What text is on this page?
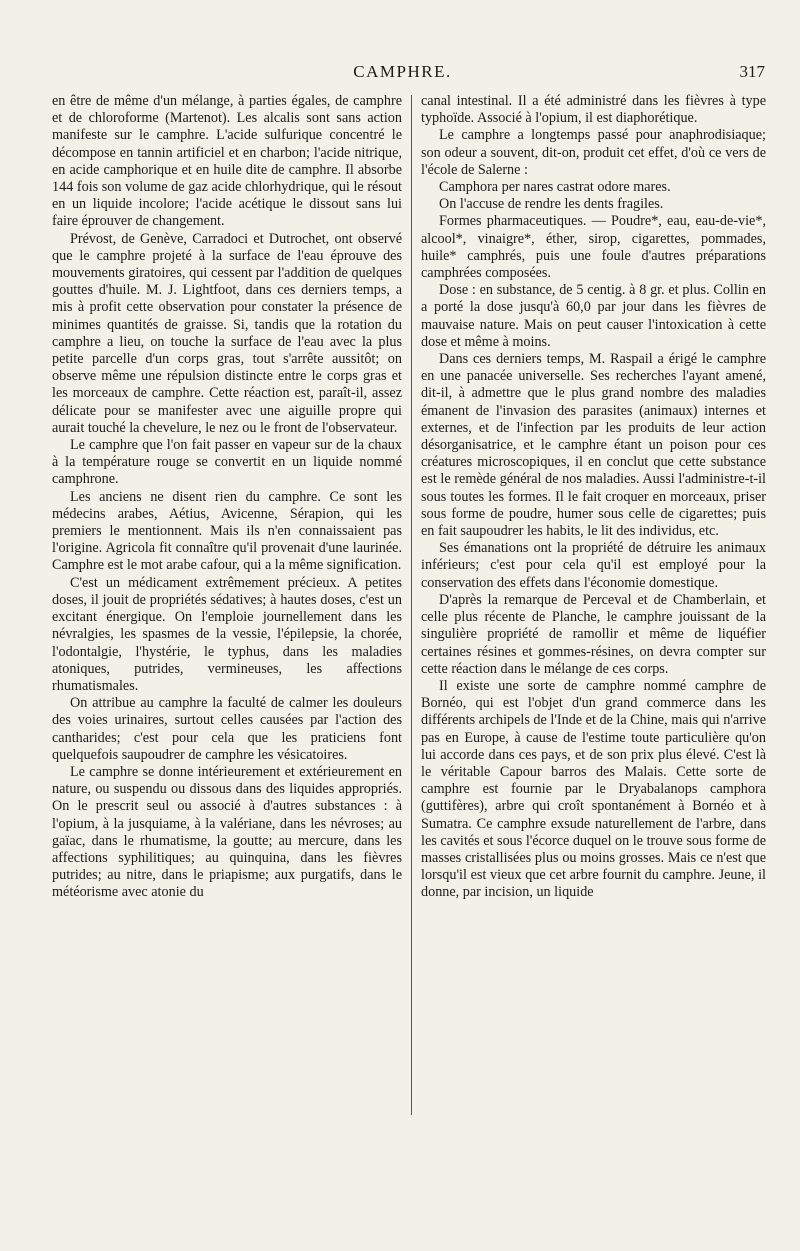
CAMPHRE.	317

en être de même d'un mélange, à parties égales, de camphre et de chloroforme (Martenot). Les alcalis sont sans action manifeste sur le camphre. L'acide sulfurique concentré le décompose en tannin artificiel et en charbon; l'acide nitrique, en acide camphorique et en huile dite de camphre. Il absorbe 144 fois son volume de gaz acide chlorhydrique, qui le résout en un liquide incolore; l'acide acétique le dissout sans lui faire éprouver de changement.

Prévost, de Genève, Carradoci et Dutrochet, ont observé que le camphre projeté à la surface de l'eau éprouve des mouvements giratoires, qui cessent par l'addition de quelques gouttes d'huile. M. J. Lightfoot, dans ces derniers temps, a mis à profit cette observation pour constater la présence de minimes quantités de graisse. Si, tandis que la rotation du camphre a lieu, on touche la surface de l'eau avec la plus petite parcelle d'un corps gras, tout s'arrête aussitôt; on observe même une répulsion distincte entre le corps gras et les morceaux de camphre. Cette réaction est, paraît-il, assez délicate pour se manifester avec une aiguille propre qui aurait touché la chevelure, le nez ou le front de l'observateur.

Le camphre que l'on fait passer en vapeur sur de la chaux à la température rouge se convertit en un liquide nommé camphrone.

Les anciens ne disent rien du camphre. Ce sont les médecins arabes, Aétius, Avicenne, Sérapion, qui les premiers le mentionnent. Mais ils n'en connaissaient pas l'origine. Agricola fit connaître qu'il provenait d'une laurinée. Camphre est le mot arabe cafour, qui a la même signification.

C'est un médicament extrêmement précieux. A petites doses, il jouit de propriétés sédatives; à hautes doses, c'est un excitant énergique. On l'emploie journellement dans les névralgies, les spasmes de la vessie, l'épilepsie, la chorée, l'odontalgie, l'hystérie, le typhus, dans les maladies atoniques, putrides, vermineuses, les affections rhumatismales.

On attribue au camphre la faculté de calmer les douleurs des voies urinaires, surtout celles causées par l'action des cantharides; c'est pour cela que les praticiens font quelquefois saupoudrer de camphre les vésicatoires.

Le camphre se donne intérieurement et extérieurement en nature, ou suspendu ou dissous dans des liquides appropriés. On le prescrit seul ou associé à d'autres substances : à l'opium, à la jusquiame, à la valériane, dans les névroses; au gaïac, dans le rhumatisme, la goutte; au mercure, dans les affections syphilitiques; au quinquina, dans les fièvres putrides; au nitre, dans le priapisme; aux purgatifs, dans le météorisme avec atonie du

canal intestinal. Il a été administré dans les fièvres à type typhoïde. Associé à l'opium, il est diaphorétique.

Le camphre a longtemps passé pour anaphrodisiaque; son odeur a souvent, dit-on, produit cet effet, d'où ce vers de l'école de Salerne :

Camphora per nares castrat odore mares.

On l'accuse de rendre les dents fragiles.

Formes pharmaceutiques. — Poudre*, eau, eau-de-vie*, alcool*, vinaigre*, éther, sirop, cigarettes, pommades, huile* camphrés, puis une foule d'autres préparations camphrées composées.

Dose : en substance, de 5 centig. à 8 gr. et plus. Collin en a porté la dose jusqu'à 60,0 par jour dans les fièvres de mauvaise nature. Mais on peut causer l'intoxication à cette dose et même à moins.

Dans ces derniers temps, M. Raspail a érigé le camphre en une panacée universelle. Ses recherches l'ayant amené, dit-il, à admettre que le plus grand nombre des maladies émanent de l'invasion des parasites (animaux) internes et externes, et de l'infection par les produits de leur action désorganisatrice, et le camphre étant un poison pour ces créatures microscopiques, il en conclut que cette substance est le remède général de nos maladies. Aussi l'administre-t-il sous toutes les formes. Il le fait croquer en morceaux, priser sous forme de poudre, humer sous celle de cigarettes; puis en fait saupoudrer les habits, le lit des individus, etc.

Ses émanations ont la propriété de détruire les animaux inférieurs; c'est pour cela qu'il est employé pour la conservation des effets dans l'économie domestique.

D'après la remarque de Perceval et de Chamberlain, et celle plus récente de Planche, le camphre jouissant de la singulière propriété de ramollir et même de liquéfier certaines résines et gommes-résines, on devra compter sur cette réaction dans le mélange de ces corps.

Il existe une sorte de camphre nommé camphre de Bornéo, qui est l'objet d'un grand commerce dans les différents archipels de l'Inde et de la Chine, mais qui n'arrive pas en Europe, à cause de l'estime toute particulière qu'on lui accorde dans ces pays, et de son prix plus élevé. C'est là le véritable Capour barros des Malais. Cette sorte de camphre est fournie par le Dryabalanops camphora (guttifères), arbre qui croît spontanément à Bornéo et à Sumatra. Ce camphre exsude naturellement de l'arbre, dans les cavités et sous l'écorce duquel on le trouve sous forme de masses cristallisées plus ou moins grosses. Mais ce n'est que lorsqu'il est vieux que cet arbre fournit du camphre. Jeune, il donne, par incision, un liquide
